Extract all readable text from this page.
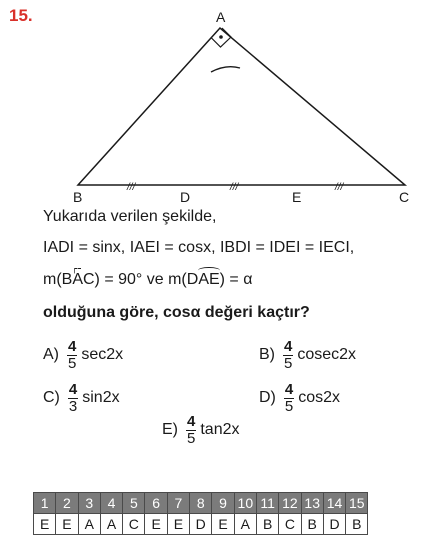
15.	A
B	C
D	E
///	///	///
Yukarıda verilen şekilde,
IADI = sinx, IAEI = cosx, IBDI = IDEI = IECI,
m(BAC) = 90° ve m(DAE) = α
olduğuna göre, cosα değeri kaçtır?
$A) \frac{4}{5} \sec 2x$	$B) \frac{4}{5} cosec2x$
$C) \frac{4}{3} \sin 2x$	$D) \frac{4}{5} \cos 2x$
$E) \frac{4}{5} \tan 2x$
1	2	3	4	5	6	7	8	9	10	11	12	13	14	15
E	E	A	A	C	E	E	D	E	A	B	C	B	D	B
